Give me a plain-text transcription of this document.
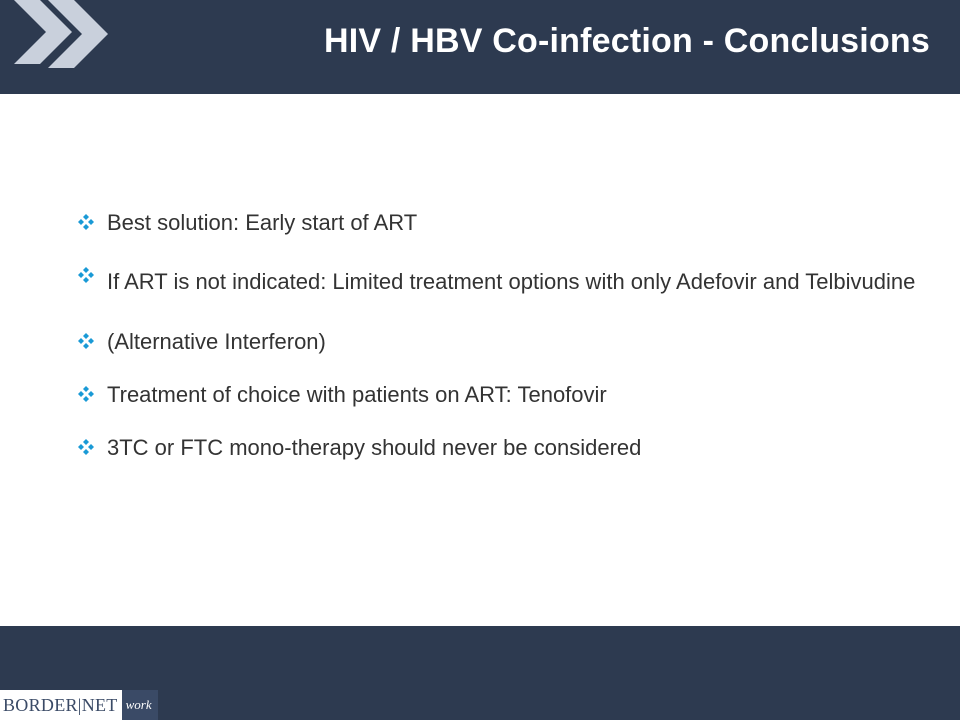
HIV / HBV Co-infection - Conclusions
Best solution: Early start of ART
If ART is not indicated: Limited treatment options with only Adefovir and Telbivudine
(Alternative Interferon)
Treatment of choice with patients on ART: Tenofovir
3TC or FTC mono-therapy should never be considered
BORDER|NET work
